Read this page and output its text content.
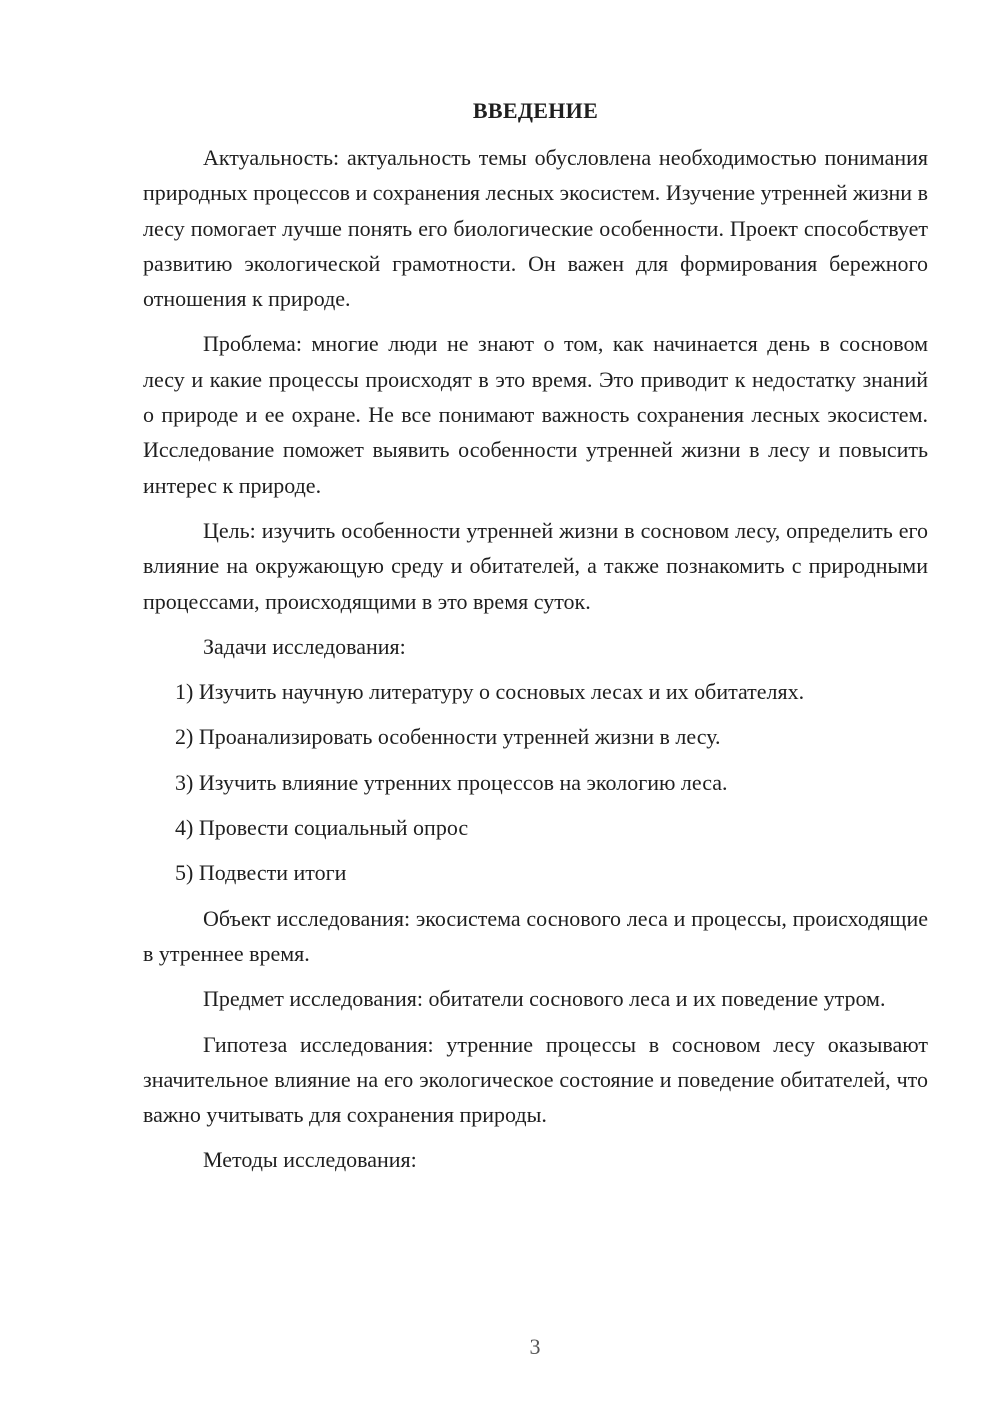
ВВЕДЕНИЕ

Актуальность: актуальность темы обусловлена необходимостью понимания природных процессов и сохранения лесных экосистем. Изучение утренней жизни в лесу помогает лучше понять его биологические особенности. Проект способствует развитию экологической грамотности. Он важен для формирования бережного отношения к природе.

Проблема: многие люди не знают о том, как начинается день в сосновом лесу и какие процессы происходят в это время. Это приводит к недостатку знаний о природе и ее охране. Не все понимают важность сохранения лесных экосистем. Исследование поможет выявить особенности утренней жизни в лесу и повысить интерес к природе.

Цель: изучить особенности утренней жизни в сосновом лесу, определить его влияние на окружающую среду и обитателей, а также познакомить с природными процессами, происходящими в это время суток.

Задачи исследования:

1) Изучить научную литературу о сосновых лесах и их обитателях.
2) Проанализировать особенности утренней жизни в лесу.
3) Изучить влияние утренних процессов на экологию леса.
4) Провести социальный опрос
5) Подвести итоги

Объект исследования: экосистема соснового леса и процессы, происходящие в утреннее время.

Предмет исследования: обитатели соснового леса и их поведение утром.

Гипотеза исследования: утренние процессы в сосновом лесу оказывают значительное влияние на его экологическое состояние и поведение обитателей, что важно учитывать для сохранения природы.

Методы исследования:

3
